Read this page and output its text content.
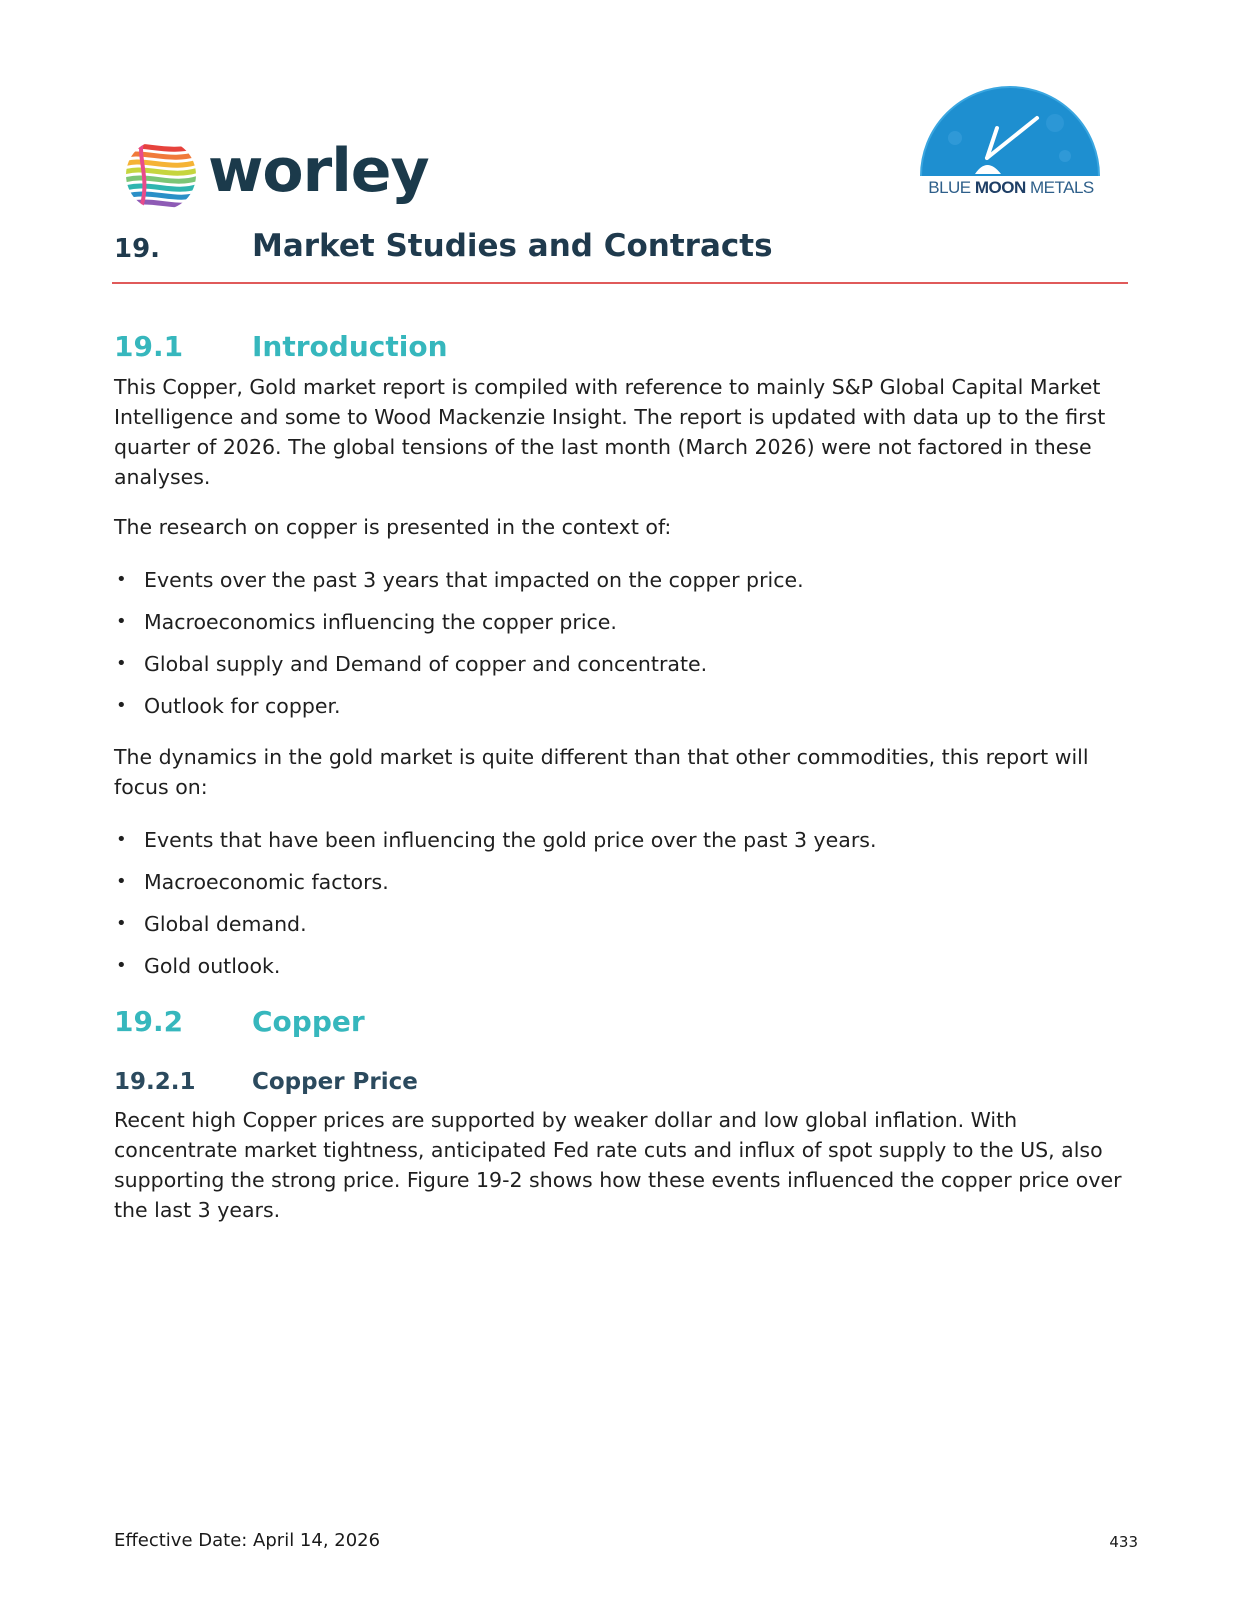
worley	BLUE MOON METALS
19.	Market Studies and Contracts
19.1 Introduction

This Copper, Gold market report is compiled with reference to mainly S&P Global Capital Market Intelligence and some to Wood Mackenzie Insight. The report is updated with data up to the first quarter of 2026. The global tensions of the last month (March 2026) were not factored in these analyses.

The research on copper is presented in the context of:

• Events over the past 3 years that impacted on the copper price.
• Macroeconomics influencing the copper price.
• Global supply and Demand of copper and concentrate.
• Outlook for copper.

The dynamics in the gold market is quite different than that other commodities, this report will focus on:

• Events that have been influencing the gold price over the past 3 years.
• Macroeconomic factors.
• Global demand.
• Gold outlook.
19.2 Copper
19.2.1 Copper Price

Recent high Copper prices are supported by weaker dollar and low global inflation. With concentrate market tightness, anticipated Fed rate cuts and influx of spot supply to the US, also supporting the strong price. Figure 19-2 shows how these events influenced the copper price over the last 3 years.

Effective Date: April 14, 2026	433
